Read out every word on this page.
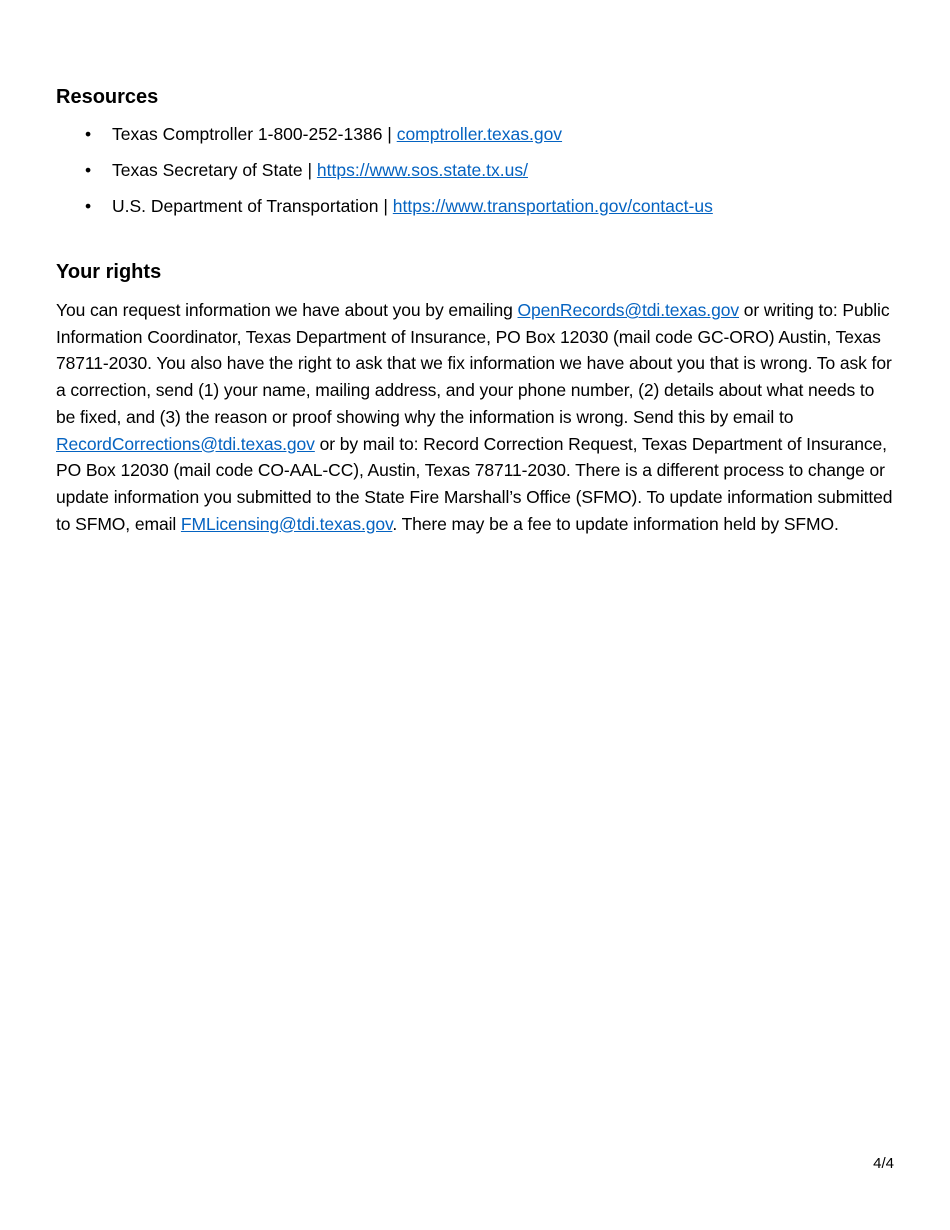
Resources
• Texas Comptroller 1-800-252-1386 | comptroller.texas.gov
• Texas Secretary of State | https://www.sos.state.tx.us/
• U.S. Department of Transportation | https://www.transportation.gov/contact-us
Your rights

You can request information we have about you by emailing OpenRecords@tdi.texas.gov or writing to: Public Information Coordinator, Texas Department of Insurance, PO Box 12030 (mail code GC-ORO) Austin, Texas 78711-2030. You also have the right to ask that we fix information we have about you that is wrong. To ask for a correction, send (1) your name, mailing address, and your phone number, (2) details about what needs to be fixed, and (3) the reason or proof showing why the information is wrong. Send this by email to RecordCorrections@tdi.texas.gov or by mail to: Record Correction Request, Texas Department of Insurance, PO Box 12030 (mail code CO-AAL-CC), Austin, Texas 78711-2030. There is a different process to change or update information you submitted to the State Fire Marshall’s Office (SFMO). To update information submitted to SFMO, email FMLicensing@tdi.texas.gov. There may be a fee to update information held by SFMO.

4/4
